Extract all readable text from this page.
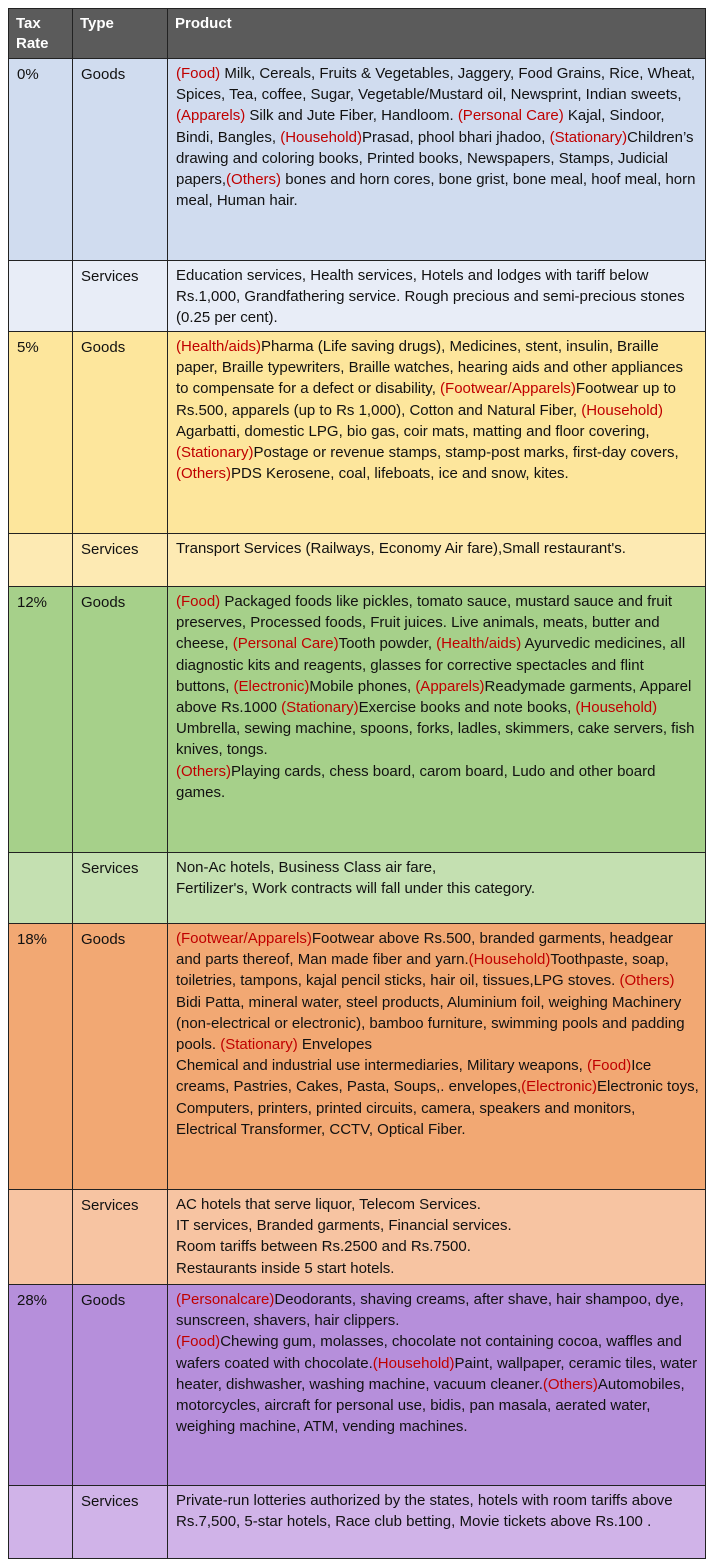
Tax Rate	Type	Product
0%	Goods	(Food) Milk, Cereals, Fruits & Vegetables, Jaggery, Food Grains, Rice, Wheat, Spices, Tea, coffee, Sugar, Vegetable/Mustard oil, Newsprint, Indian sweets, (Apparels) Silk and Jute Fiber, Handloom. (Personal Care) Kajal, Sindoor, Bindi, Bangles, (Household)Prasad, phool bhari jhadoo, (Stationary)Children’s drawing and coloring books, Printed books, Newspapers, Stamps, Judicial papers,(Others) bones and horn cores, bone grist, bone meal, hoof meal, horn meal, Human hair.

	Services	Education services, Health services, Hotels and lodges with tariff below Rs.1,000, Grandfathering service. Rough precious and semi-precious stones (0.25 per cent).

5%	Goods	(Health/aids)Pharma (Life saving drugs), Medicines, stent, insulin, Braille paper, Braille typewriters, Braille watches, hearing aids and other appliances to compensate for a defect or disability, (Footwear/Apparels)Footwear up to Rs.500, apparels (up to Rs 1,000), Cotton and Natural Fiber, (Household) Agarbatti, domestic LPG, bio gas, coir mats, matting and floor covering, (Stationary)Postage or revenue stamps, stamp-post marks, first-day covers, (Others)PDS Kerosene, coal, lifeboats, ice and snow, kites.

	Services	Transport Services (Railways, Economy Air fare),Small restaurant's.

12%	Goods	(Food) Packaged foods like pickles, tomato sauce, mustard sauce and fruit preserves, Processed foods, Fruit juices. Live animals, meats, butter and cheese, (Personal Care)Tooth powder, (Health/aids) Ayurvedic medicines, all diagnostic kits and reagents, glasses for corrective spectacles and flint buttons, (Electronic)Mobile phones, (Apparels)Readymade garments, Apparel above Rs.1000 (Stationary)Exercise books and note books, (Household) Umbrella, sewing machine, spoons, forks, ladles, skimmers, cake servers, fish knives, tongs.

(Others)Playing cards, chess board, carom board, Ludo and other board games.

	Services	Non-Ac hotels, Business Class air fare,

Fertilizer's, Work contracts will fall under this category.

18%	Goods	(Footwear/Apparels)Footwear above Rs.500, branded garments, headgear and parts thereof, Man made fiber and yarn.(Household)Toothpaste, soap, toiletries, tampons, kajal pencil sticks, hair oil, tissues,LPG stoves. (Others) Bidi Patta, mineral water, steel products, Aluminium foil, weighing Machinery (non-electrical or electronic), bamboo furniture, swimming pools and padding pools. (Stationary) Envelopes

Chemical and industrial use intermediaries, Military weapons, (Food)Ice creams, Pastries, Cakes, Pasta, Soups,. envelopes,(Electronic)Electronic toys,

Computers, printers, printed circuits, camera, speakers and monitors, Electrical Transformer, CCTV, Optical Fiber.

	Services	AC hotels that serve liquor, Telecom Services.

IT services, Branded garments, Financial services.

Room tariffs between Rs.2500 and Rs.7500.

Restaurants inside 5 start hotels.

28%	Goods	(Personalcare)Deodorants, shaving creams, after shave, hair shampoo, dye, sunscreen, shavers, hair clippers.

(Food)Chewing gum, molasses, chocolate not containing cocoa, waffles and wafers coated with chocolate.(Household)Paint, wallpaper, ceramic tiles, water heater, dishwasher, washing machine, vacuum cleaner.(Others)Automobiles, motorcycles, aircraft for personal use, bidis, pan masala, aerated water, weighing machine, ATM, vending machines.

	Services	Private-run lotteries authorized by the states, hotels with room tariffs above Rs.7,500, 5-star hotels, Race club betting, Movie tickets above Rs.100 .
